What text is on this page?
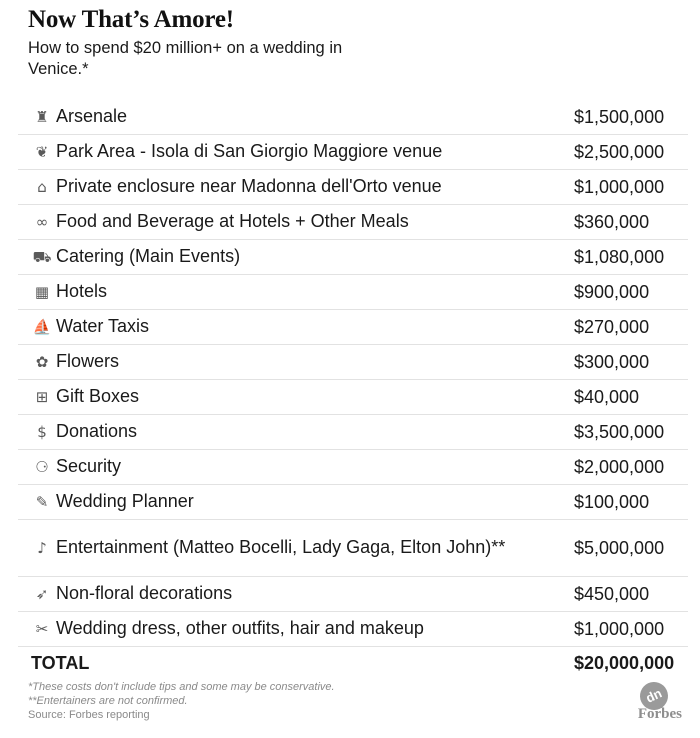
Now That’s Amore!

How to spend $20 million+ on a wedding in Venice.*

♜ Arsenale	$1,500,000
❦ Park Area - Isola di San Giorgio Maggiore venue	$2,500,000
⌂ Private enclosure near Madonna dell'Orto venue	$1,000,000
∞ Food and Beverage at Hotels + Other Meals	$360,000
⛟ Catering (Main Events)	$1,080,000
▦ Hotels	$900,000
⛵ Water Taxis	$270,000
✿ Flowers	$300,000
⊞ Gift Boxes	$40,000
$ Donations	$3,500,000
⚆ Security	$2,000,000
✎ Wedding Planner	$100,000
♪ Entertainment (Matteo Bocelli, Lady Gaga, Elton John)**	$5,000,000
➶ Non-floral decorations	$450,000
✂ Wedding dress, other outfits, hair and makeup	$1,000,000
TOTAL	$20,000,000

*These costs don't include tips and some may be conservative.

**Entertainers are not confirmed.

Source: Forbes reporting

dn
Forbes
